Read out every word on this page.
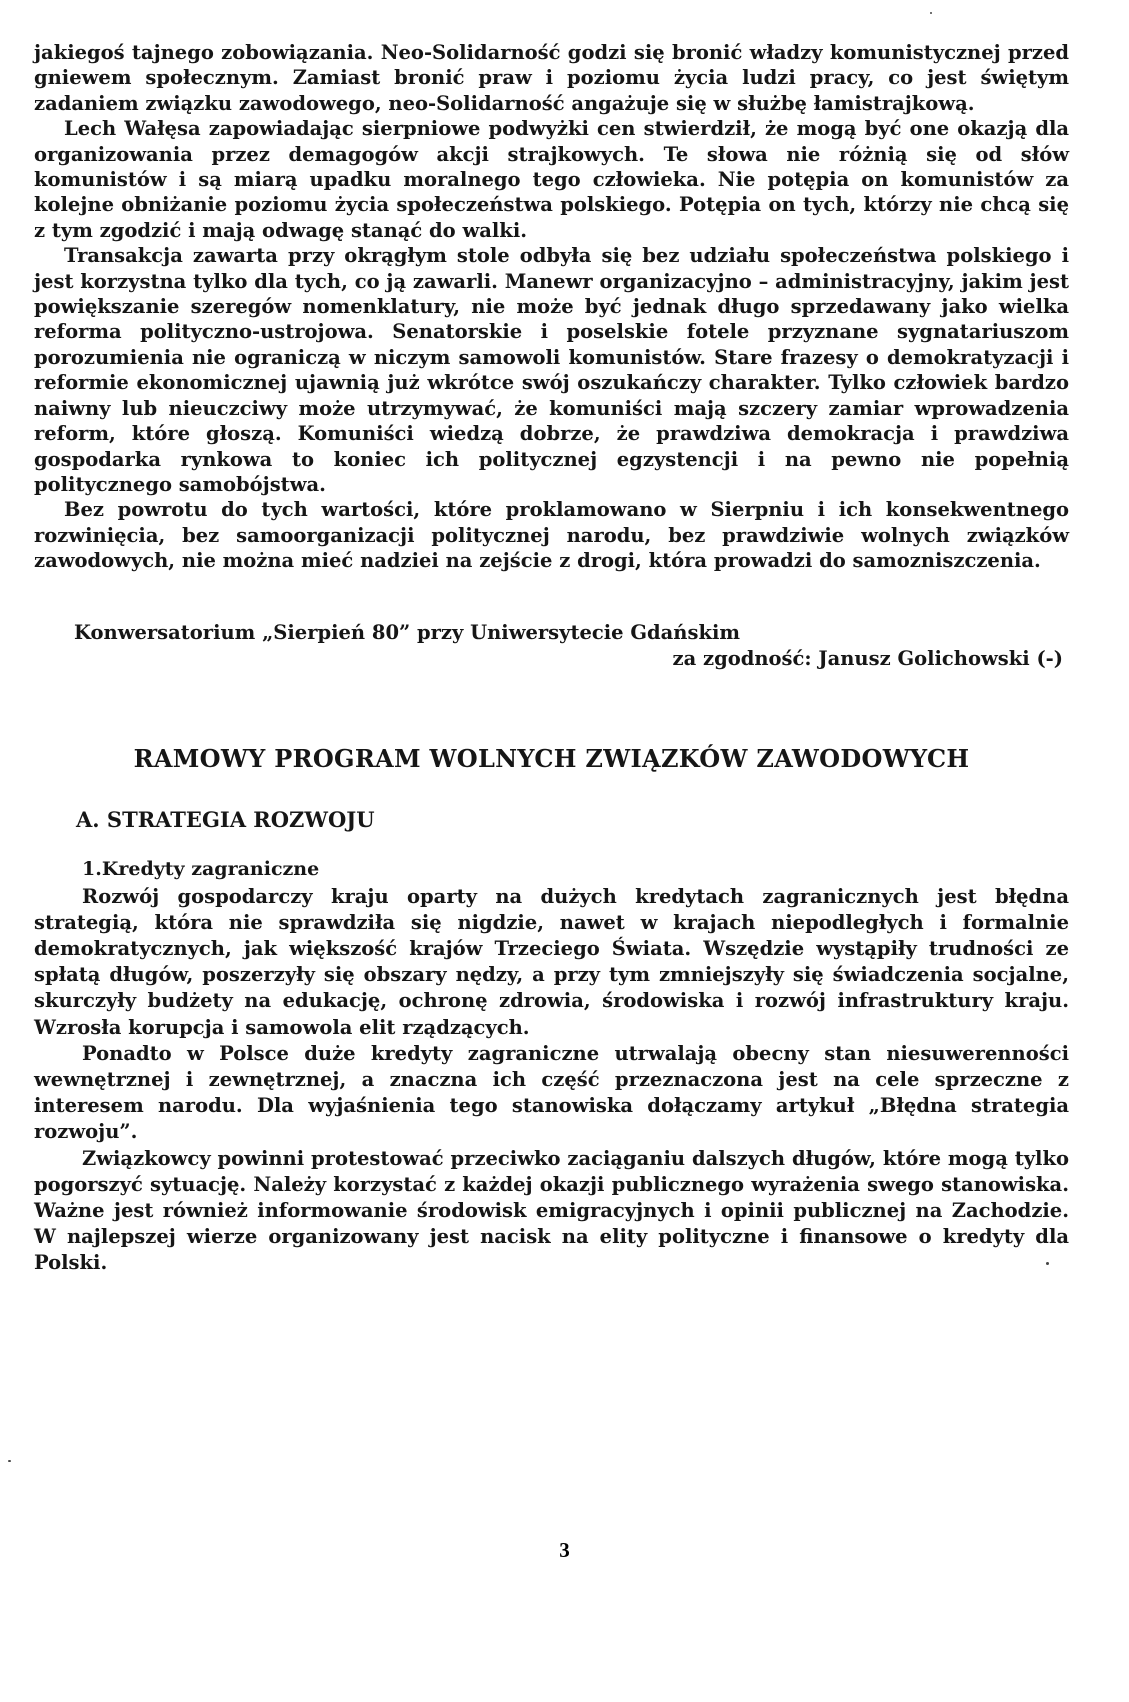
jakiegoś tajnego zobowiązania. Neo-Solidarność godzi się bronić władzy komunistycznej przed gniewem społecznym. Zamiast bronić praw i poziomu życia ludzi pracy, co jest świętym zadaniem związku zawodowego, neo-Solidarność angażuje się w służbę łamistrajkową.

Lech Wałęsa zapowiadając sierpniowe podwyżki cen stwierdził, że mogą być one okazją dla organizowania przez demagogów akcji strajkowych. Te słowa nie różnią się od słów komunistów i są miarą upadku moralnego tego człowieka. Nie potępia on komunistów za kolejne obniżanie poziomu życia społeczeństwa polskiego. Potępia on tych, którzy nie chcą się z tym zgodzić i mają odwagę stanąć do walki.

Transakcja zawarta przy okrągłym stole odbyła się bez udziału społeczeństwa polskiego i jest korzystna tylko dla tych, co ją zawarli. Manewr organizacyjno – administracyjny, jakim jest powiększanie szeregów nomenklatury, nie może być jednak długo sprzedawany jako wielka reforma polityczno-ustrojowa. Senatorskie i poselskie fotele przyznane sygnatariuszom porozumienia nie ograniczą w niczym samowoli komunistów. Stare frazesy o demokratyzacji i reformie ekonomicznej ujawnią już wkrótce swój oszukańczy charakter. Tylko człowiek bardzo naiwny lub nieuczciwy może utrzymywać, że komuniści mają szczery zamiar wprowadzenia reform, które głoszą. Komuniści wiedzą dobrze, że prawdziwa demokracja i prawdziwa gospodarka rynkowa to koniec ich politycznej egzystencji i na pewno nie popełnią politycznego samobójstwa.

Bez powrotu do tych wartości, które proklamowano w Sierpniu i ich konsekwentnego rozwinięcia, bez samoorganizacji politycznej narodu, bez prawdziwie wolnych związków zawodowych, nie można mieć nadziei na zejście z drogi, która prowadzi do samozniszczenia.

Konwersatorium „Sierpień 80” przy Uniwersytecie Gdańskim
za zgodność: Janusz Golichowski (-)
RAMOWY PROGRAM WOLNYCH ZWIĄZKÓW ZAWODOWYCH
A. STRATEGIA ROZWOJU
1.Kredyty zagraniczne

Rozwój gospodarczy kraju oparty na dużych kredytach zagranicznych jest błędna strategią, która nie sprawdziła się nigdzie, nawet w krajach niepodległych i formalnie demokratycznych, jak większość krajów Trzeciego Świata. Wszędzie wystąpiły trudności ze spłatą długów, poszerzyły się obszary nędzy, a przy tym zmniejszyły się świadczenia socjalne, skurczyły budżety na edukację, ochronę zdrowia, środowiska i rozwój infrastruktury kraju. Wzrosła korupcja i samowola elit rządzących.

Ponadto w Polsce duże kredyty zagraniczne utrwalają obecny stan niesuwerenności wewnętrznej i zewnętrznej, a znaczna ich część przeznaczona jest na cele sprzeczne z interesem narodu. Dla wyjaśnienia tego stanowiska dołączamy artykuł „Błędna strategia rozwoju”.

Związkowcy powinni protestować przeciwko zaciąganiu dalszych długów, które mogą tylko pogorszyć sytuację. Należy korzystać z każdej okazji publicznego wyrażenia swego stanowiska. Ważne jest również informowanie środowisk emigracyjnych i opinii publicznej na Zachodzie. W najlepszej wierze organizowany jest nacisk na elity polityczne i finansowe o kredyty dla Polski.

3
